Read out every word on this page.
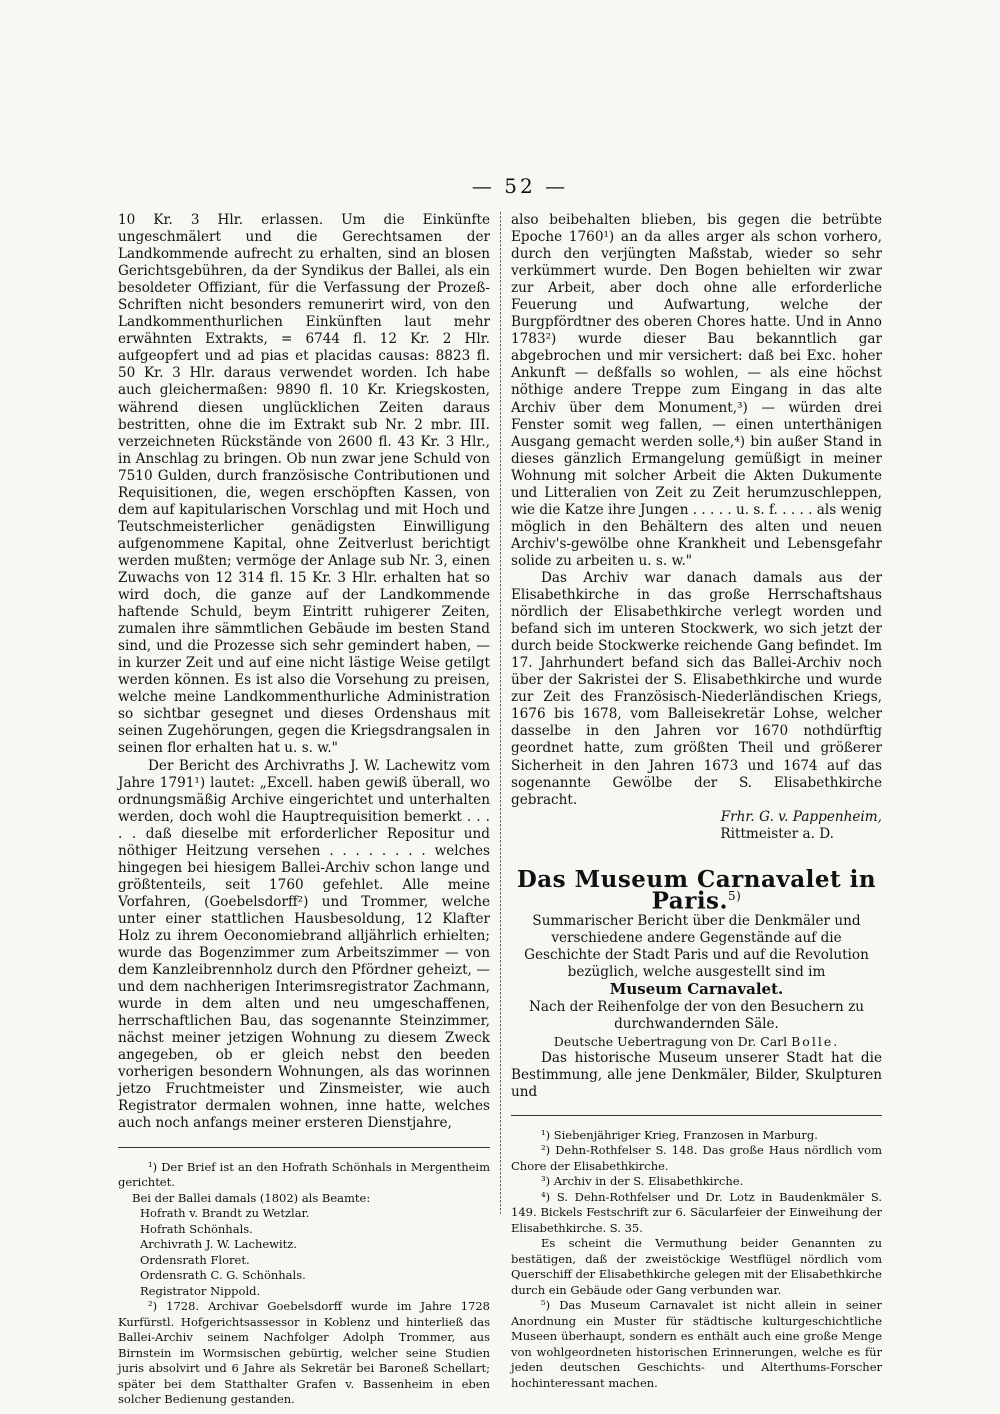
— 52 —

10 Kr. 3 Hlr. erlassen. Um die Einkünfte ungeschmälert und die Gerechtsamen der Landkommende aufrecht zu erhalten, sind an blosen Gerichtsgebühren, da der Syndikus der Ballei, als ein besoldeter Offiziant, für die Verfassung der Prozeß-Schriften nicht besonders remunerirt wird, von den Landkommenthurlichen Einkünften laut mehr erwähnten Extrakts, = 6744 fl. 12 Kr. 2 Hlr. aufgeopfert und ad pias et placidas causas: 8823 fl. 50 Kr. 3 Hlr. daraus verwendet worden. Ich habe auch gleichermaßen: 9890 fl. 10 Kr. Kriegskosten, während diesen unglücklichen Zeiten daraus bestritten, ohne die im Extrakt sub Nr. 2 mbr. III. verzeichneten Rückstände von 2600 fl. 43 Kr. 3 Hlr., in Anschlag zu bringen. Ob nun zwar jene Schuld von 7510 Gulden, durch französische Contributionen und Requisitionen, die, wegen erschöpften Kassen, von dem auf kapitularischen Vorschlag und mit Hoch und Teutschmeisterlicher genädigsten Einwilligung aufgenommene Kapital, ohne Zeitverlust berichtigt werden mußten; vermöge der Anlage sub Nr. 3, einen Zuwachs von 12 314 fl. 15 Kr. 3 Hlr. erhalten hat so wird doch, die ganze auf der Landkommende haftende Schuld, beym Eintritt ruhigerer Zeiten, zumalen ihre sämmtlichen Gebäude im besten Stand sind, und die Prozesse sich sehr gemindert haben, — in kurzer Zeit und auf eine nicht lästige Weise getilgt werden können. Es ist also die Vorsehung zu preisen, welche meine Landkommenthurliche Administration so sichtbar gesegnet und dieses Ordenshaus mit seinen Zugehörungen, gegen die Kriegsdrangsalen in seinen flor erhalten hat u. s. w."

Der Bericht des Archivraths J. W. Lachewitz vom Jahre 1791¹) lautet: „Excell. haben gewiß überall, wo ordnungsmäßig Archive eingerichtet und unterhalten werden, doch wohl die Hauptrequisition bemerkt . . . . . daß dieselbe mit erforderlicher Repositur und nöthiger Heitzung versehen . . . . . . . . welches hingegen bei hiesigem Ballei-Archiv schon lange und größtenteils, seit 1760 gefehlet. Alle meine Vorfahren, (Goebelsdorff²) und Trommer, welche unter einer stattlichen Hausbesoldung, 12 Klafter Holz zu ihrem Oeconomiebrand alljährlich erhielten; wurde das Bogenzimmer zum Arbeitszimmer — von dem Kanzleibrennholz durch den Pfördner geheizt, — und dem nachherigen Interimsregistrator Zachmann, wurde in dem alten und neu umgeschaffenen, herrschaftlichen Bau, das sogenannte Steinzimmer, nächst meiner jetzigen Wohnung zu diesem Zweck angegeben, ob er gleich nebst den beeden vorherigen besondern Wohnungen, als das worinnen jetzo Fruchtmeister und Zinsmeister, wie auch Registrator dermalen wohnen, inne hatte, welches auch noch anfangs meiner ersteren Dienstjahre,

¹) Der Brief ist an den Hofrath Schönhals in Mergentheim gerichtet.

Bei der Ballei damals (1802) als Beamte:

Hofrath v. Brandt zu Wetzlar.

Hofrath Schönhals.

Archivrath J. W. Lachewitz.

Ordensrath Floret.

Ordensrath C. G. Schönhals.

Registrator Nippold.

²) 1728. Archivar Goebelsdorff wurde im Jahre 1728 Kurfürstl. Hofgerichtsassessor in Koblenz und hinterließ das Ballei-Archiv seinem Nachfolger Adolph Trommer, aus Birnstein im Wormsischen gebürtig, welcher seine Studien juris absolvirt und 6 Jahre als Sekretär bei Baroneß Schellart; später bei dem Statthalter Grafen v. Bassenheim in eben solcher Bedienung gestanden.

also beibehalten blieben, bis gegen die betrübte Epoche 1760¹) an da alles arger als schon vorhero, durch den verjüngten Maßstab, wieder so sehr verkümmert wurde. Den Bogen behielten wir zwar zur Arbeit, aber doch ohne alle erforderliche Feuerung und Aufwartung, welche der Burgpfördtner des oberen Chores hatte. Und in Anno 1783²) wurde dieser Bau bekanntlich gar abgebrochen und mir versichert: daß bei Exc. hoher Ankunft — deßfalls so wohlen, — als eine höchst nöthige andere Treppe zum Eingang in das alte Archiv über dem Monument,³) — würden drei Fenster somit weg fallen, — einen unterthänigen Ausgang gemacht werden solle,⁴) bin außer Stand in dieses gänzlich Ermangelung gemüßigt in meiner Wohnung mit solcher Arbeit die Akten Dukumente und Litteralien von Zeit zu Zeit herumzuschleppen, wie die Katze ihre Jungen . . . . . u. s. f. . . . . als wenig möglich in den Behältern des alten und neuen Archiv's-gewölbe ohne Krankheit und Lebensgefahr solide zu arbeiten u. s. w."

Das Archiv war danach damals aus der Elisabethkirche in das große Herrschaftshaus nördlich der Elisabethkirche verlegt worden und befand sich im unteren Stockwerk, wo sich jetzt der durch beide Stockwerke reichende Gang befindet. Im 17. Jahrhundert befand sich das Ballei-Archiv noch über der Sakristei der S. Elisabethkirche und wurde zur Zeit des Französisch-Niederländischen Kriegs, 1676 bis 1678, vom Balleisekretär Lohse, welcher dasselbe in den Jahren vor 1670 nothdürftig geordnet hatte, zum größten Theil und größerer Sicherheit in den Jahren 1673 und 1674 auf das sogenannte Gewölbe der S. Elisabethkirche gebracht.

Frhr. G. v. Pappenheim,

Rittmeister a. D.

Das Museum Carnavalet in Paris.$^{5)}$

Summarischer Bericht über die Denkmäler und verschiedene andere Gegenstände auf die Geschichte der Stadt Paris und auf die Revolution bezüglich, welche ausgestellt sind im

Museum Carnavalet.

Nach der Reihenfolge der von den Besuchern zu durchwandernden Säle.

Deutsche Uebertragung von Dr. Carl Bolle.

Das historische Museum unserer Stadt hat die Bestimmung, alle jene Denkmäler, Bilder, Skulpturen und

¹) Siebenjähriger Krieg, Franzosen in Marburg.

²) Dehn-Rothfelser S. 148. Das große Haus nördlich vom Chore der Elisabethkirche.

³) Archiv in der S. Elisabethkirche.

⁴) S. Dehn-Rothfelser und Dr. Lotz in Baudenkmäler S. 149. Bickels Festschrift zur 6. Säcularfeier der Einweihung der Elisabethkirche. S. 35.

Es scheint die Vermuthung beider Genannten zu bestätigen, daß der zweistöckige Westflügel nördlich vom Querschiff der Elisabethkirche gelegen mit der Elisabethkirche durch ein Gebäude oder Gang verbunden war.

⁵) Das Museum Carnavalet ist nicht allein in seiner Anordnung ein Muster für städtische kulturgeschichtliche Museen überhaupt, sondern es enthält auch eine große Menge von wohlgeordneten historischen Erinnerungen, welche es für jeden deutschen Geschichts- und Alterthums-Forscher hochinteressant machen.
